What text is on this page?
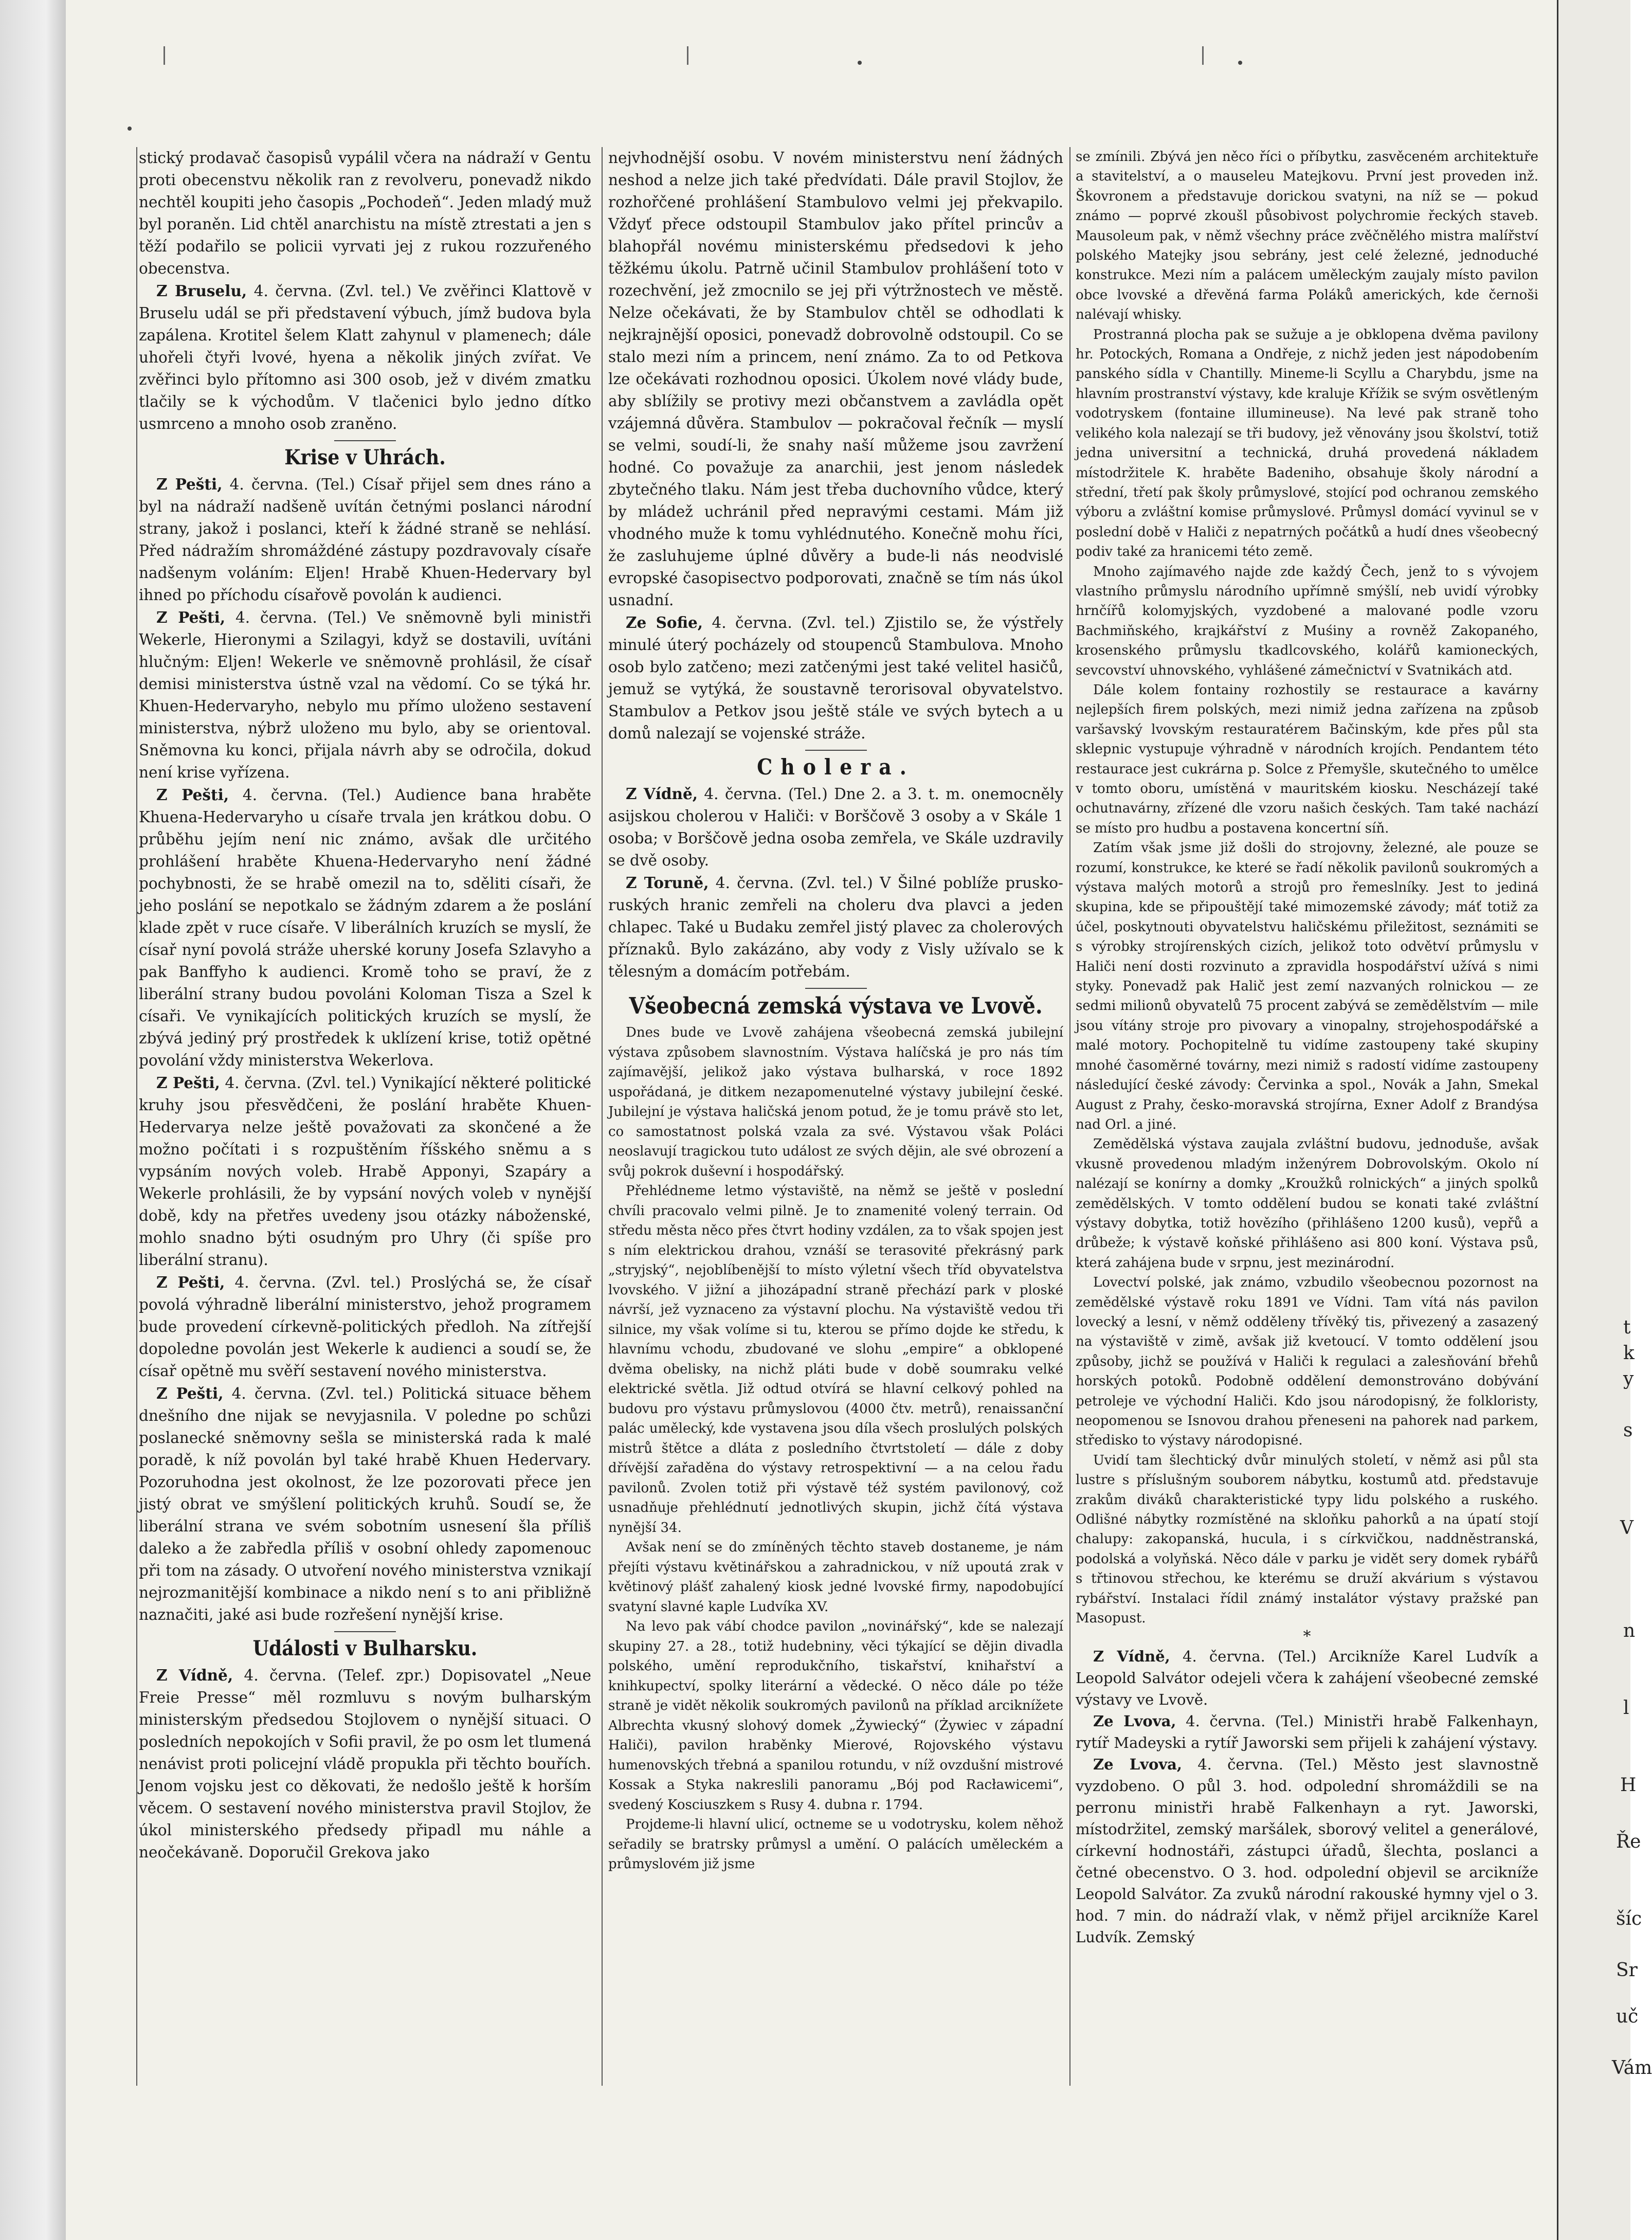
stický prodavač časopisů vypálil včera na nádraží v Gentu proti obecenstvu několik ran z revolveru, ponevadž nikdo nechtěl koupiti jeho časopis „Pochodeň“. Jeden mladý muž byl poraněn. Lid chtěl anarchistu na místě ztrestati a jen s těží podařilo se policii vyrvati jej z rukou rozzuřeného obecenstva.

Z Bruselu, 4. června. (Zvl. tel.) Ve zvěřinci Klattově v Bruselu udál se při představení výbuch, jímž budova byla zapálena. Krotitel šelem Klatt zahynul v plamenech; dále uhořeli čtyři lvové, hyena a několik jiných zvířat. Ve zvěřinci bylo přítomno asi 300 osob, jež v divém zmatku tlačily se k východům. V tlačenici bylo jedno dítko usmrceno a mnoho osob zraněno.

Krise v Uhrách.

Z Pešti, 4. června. (Tel.) Císař přijel sem dnes ráno a byl na nádraží nadšeně uvítán četnými poslanci národní strany, jakož i poslanci, kteří k žádné straně se nehlásí. Před nádražím shromáždéné zástupy pozdravovaly císaře nadšenym voláním: Eljen! Hrabě Khuen-Hedervary byl ihned po příchodu císařově povolán k audienci.

Z Pešti, 4. června. (Tel.) Ve sněmovně byli ministři Wekerle, Hieronymi a Szilagyi, když se dostavili, uvítáni hlučným: Eljen! Wekerle ve sněmovně prohlásil, že císař demisi ministerstva ústně vzal na vědomí. Co se týká hr. Khuen-Hedervaryho, nebylo mu přímo uloženo sestavení ministerstva, nýbrž uloženo mu bylo, aby se orientoval. Sněmovna ku konci, přijala návrh aby se odročila, dokud není krise vyřízena.

Z Pešti, 4. června. (Tel.) Audience bana hraběte Khuena-Hedervaryho u císaře trvala jen krátkou dobu. O průběhu jejím není nic známo, avšak dle určitého prohlášení hraběte Khuena-Hedervaryho není žádné pochybnosti, že se hrabě omezil na to, sděliti císaři, že jeho poslání se nepotkalo se žádným zdarem a že poslání klade zpět v ruce císaře. V liberálních kruzích se myslí, že císař nyní povolá stráže uherské koruny Josefa Szlavyho a pak Banffyho k audienci. Kromě toho se praví, že z liberální strany budou povoláni Koloman Tisza a Szel k císaři. Ve vynikajících politických kruzích se myslí, že zbývá jediný prý prostředek k uklízení krise, totiž opětné povolání vždy ministerstva Wekerlova.

Z Pešti, 4. června. (Zvl. tel.) Vynikající některé politické kruhy jsou přesvědčeni, že poslání hraběte Khuen-Hedervarya nelze ještě považovati za skončené a že možno počítati i s rozpuštěním říšského sněmu a s vypsáním nových voleb. Hrabě Apponyi, Szapáry a Wekerle prohlásili, že by vypsání nových voleb v nynější době, kdy na přetřes uvedeny jsou otázky náboženské, mohlo snadno býti osudným pro Uhry (či spíše pro liberální stranu).

Z Pešti, 4. června. (Zvl. tel.) Proslýchá se, že císař povolá výhradně liberální ministerstvo, jehož programem bude provedení církevně-politických předloh. Na zítřejší dopoledne povolán jest Wekerle k audienci a soudí se, že císař opětně mu svěří sestavení nového ministerstva.

Z Pešti, 4. června. (Zvl. tel.) Politická situace během dnešního dne nijak se nevyjasnila. V poledne po schůzi poslanecké sněmovny sešla se ministerská rada k malé poradě, k níž povolán byl také hrabě Khuen Hedervary. Pozoruhodna jest okolnost, že lze pozorovati přece jen jistý obrat ve smýšlení politických kruhů. Soudí se, že liberální strana ve svém sobotním usnesení šla příliš daleko a že zabředla příliš v osobní ohledy zapomenouc při tom na zásady. O utvoření nového ministerstva vznikají nejrozmanitější kombinace a nikdo není s to ani přibližně naznačiti, jaké asi bude rozřešení nynější krise.

Události v Bulharsku.

Z Vídně, 4. června. (Telef. zpr.) Dopisovatel „Neue Freie Presse“ měl rozmluvu s novým bulharským ministerským předsedou Stojlovem o nynější situaci. O posledních nepokojích v Sofii pravil, že po osm let tlumená nenávist proti policejní vládě propukla při těchto bouřích. Jenom vojsku jest co děkovati, že nedošlo ještě k horším věcem. O sestavení nového ministerstva pravil Stojlov, že úkol ministerského předsedy připadl mu náhle a neočekávaně. Doporučil Grekova jako

nejvhodnější osobu. V novém ministerstvu není žádných neshod a nelze jich také předvídati. Dále pravil Stojlov, že rozhořčené prohlášení Stambulovo velmi jej překvapilo. Vždyť přece odstoupil Stambulov jako přítel princův a blahopřál novému ministerskému předsedovi k jeho těžkému úkolu. Patrně učinil Stambulov prohlášení toto v rozechvění, jež zmocnilo se jej při výtržnostech ve městě. Nelze očekávati, že by Stambulov chtěl se odhodlati k nejkrajnější oposici, ponevadž dobrovolně odstoupil. Co se stalo mezi ním a princem, není známo. Za to od Petkova lze očekávati rozhodnou oposici. Úkolem nové vlády bude, aby sblížily se protivy mezi občanstvem a zavládla opět vzájemná důvěra. Stambulov — pokračoval řečník — myslí se velmi, soudí-li, že snahy naší můžeme jsou zavržení hodné. Co považuje za anarchii, jest jenom následek zbytečného tlaku. Nám jest třeba duchovního vůdce, který by mládež uchránil před nepravými cestami. Mám již vhodného muže k tomu vyhlédnutého. Konečně mohu říci, že zasluhujeme úplné důvěry a bude-li nás neodvislé evropské časopisectvo podporovati, značně se tím nás úkol usnadní.

Ze Sofie, 4. června. (Zvl. tel.) Zjistilo se, že výstřely minulé úterý pocházely od stoupenců Stambulova. Mnoho osob bylo zatčeno; mezi zatčenými jest také velitel hasičů, jemuž se vytýká, že soustavně terorisoval obyvatelstvo. Stambulov a Petkov jsou ještě stále ve svých bytech a u domů nalezají se vojenské stráže.

Cholera.

Z Vídně, 4. června. (Tel.) Dne 2. a 3. t. m. onemocněly asijskou cholerou v Haliči: v Borščově 3 osoby a v Skále 1 osoba; v Borščově jedna osoba zemřela, ve Skále uzdravily se dvě osoby.

Z Toruně, 4. června. (Zvl. tel.) V Šilné poblíže prusko-ruských hranic zemřeli na choleru dva plavci a jeden chlapec. Také u Budaku zemřel jistý plavec za cholerových příznaků. Bylo zakázáno, aby vody z Visly užívalo se k tělesným a domácím potřebám.

Všeobecná zemská výstava ve Lvově.

Dnes bude ve Lvově zahájena všeobecná zemská jubilejní výstava způsobem slavnostním. Výstava halíčská je pro nás tím zajímavější, jelikož jako výstava bulharská, v roce 1892 uspořádaná, je ditkem nezapomenutelné výstavy jubilejní české. Jubilejní je výstava haličská jenom potud, že je tomu právě sto let, co samostatnost polská vzala za své. Výstavou však Poláci neoslavují tragickou tuto událost ze svých dějin, ale své obrození a svůj pokrok duševní i hospodářský.

Přehlédneme letmo výstaviště, na němž se ještě v poslední chvíli pracovalo velmi pilně. Je to znamenité volený terrain. Od středu města něco přes čtvrt hodiny vzdálen, za to však spojen jest s ním elektrickou drahou, vznáší se terasovité překrásný park „stryjský“, nejoblíbenější to místo výletní všech tříd obyvatelstva lvovského. V jižní a jihozápadní straně přechází park v ploské návrší, jež vyznaceno za výstavní plochu. Na výstaviště vedou tři silnice, my však volíme si tu, kterou se přímo dojde ke středu, k hlavnímu vchodu, zbudované ve slohu „empire“ a obklopené dvěma obelisky, na nichž pláti bude v době soumraku velké elektrické světla. Již odtud otvírá se hlavní celkový pohled na budovu pro výstavu průmyslovou (4000 čtv. metrů), renaissanční palác umělecký, kde vystavena jsou díla všech proslulých polských mistrů štětce a dláta z posledního čtvrtstoletí — dále z doby dřívější zařaděna do výstavy retrospektivní — a na celou řadu pavilonů. Zvolen totiž při výstavě též systém pavilonový, což usnadňuje přehlédnutí jednotlivých skupin, jichž čítá výstava nynější 34.

Avšak není se do zmíněných těchto staveb dostaneme, je nám přejíti výstavu květinářskou a zahradnickou, v níž upoutá zrak v květinový plášť zahalený kiosk jedné lvovské firmy, napodobující svatyní slavné kaple Ludvíka XV.

Na levo pak vábí chodce pavilon „novinářský“, kde se nalezají skupiny 27. a 28., totiž hudebniny, věci týkající se dějin divadla polského, umění reprodukčního, tiskařství, knihařství a knihkupectví, spolky literární a vědecké. O něco dále po téže straně je vidět několik soukromých pavilonů na příklad arciknížete Albrechta vkusný slohový domek „Żywiecký“ (Żywiec v západní Haliči), pavilon hraběnky Mierové, Rojovského výstavu humenovských třebná a spanilou rotundu, v níž ovzdušní mistrové Kossak a Styka nakreslili panoramu „Bój pod Racławicemi“, svedený Kosciuszkem s Rusy 4. dubna r. 1794.

Projdeme-li hlavní ulicí, octneme se u vodotrysku, kolem něhož seřadily se bratrsky průmysl a umění. O palácích uměleckém a průmyslovém již jsme

se zmínili. Zbývá jen něco říci o příbytku, zasvěceném architektuře a stavitelství, a o mauseleu Matejkovu. První jest proveden inž. Škovronem a představuje dorickou svatyni, na níž se — pokud známo — poprvé zkoušl působivost polychromie řeckých staveb. Mausoleum pak, v němž všechny práce zvěčnělého mistra malířství polského Matejky jsou sebrány, jest celé železné, jednoduché konstrukce. Mezi ním a palácem uměleckým zaujaly místo pavilon obce lvovské a dřevěná farma Poláků amerických, kde černoši nalévají whisky.

Prostranná plocha pak se sužuje a je obklopena dvěma pavilony hr. Potockých, Romana a Ondřeje, z nichž jeden jest nápodobením panského sídla v Chantilly. Mineme-li Scyllu a Charybdu, jsme na hlavním prostranství výstavy, kde kraluje Křížik se svým osvětleným vodotryskem (fontaine illumineuse). Na levé pak straně toho velikého kola nalezají se tři budovy, jež věnovány jsou školství, totiž jedna universitní a technická, druhá provedená nákladem místodržitele K. hraběte Badeniho, obsahuje školy národní a střední, třetí pak školy průmyslové, stojící pod ochranou zemského výboru a zvláštní komise průmyslové. Průmysl domácí vyvinul se v poslední době v Haliči z nepatrných počátků a hudí dnes všeobecný podiv také za hranicemi této země.

Mnoho zajímavého najde zde každý Čech, jenž to s vývojem vlastního průmyslu národního upřímně smýšlí, neb uvidí výrobky hrnčířů kolomyjských, vyzdobené a malované podle vzoru Bachmiňského, krajkářství z Muśiny a rovněž Zakopaného, krosenského průmyslu tkadlcovského, kolářů kamioneckých, sevcovství uhnovského, vyhlášené zámečnictví v Svatnikách atd.

Dále kolem fontainy rozhostily se restaurace a kavárny nejlepších firem polských, mezi nimiž jedna zařízena na způsob varšavský lvovským restauratérem Bačinským, kde přes půl sta sklepnic vystupuje výhradně v národních krojích. Pendantem této restaurace jest cukrárna p. Solce z Přemyšle, skutečného to umělce v tomto oboru, umístěná v mauritském kiosku. Nescházejí také ochutnavárny, zřízené dle vzoru našich českých. Tam také nachází se místo pro hudbu a postavena koncertní síň.

Zatím však jsme již došli do strojovny, železné, ale pouze se rozumí, konstrukce, ke které se řadí několik pavilonů soukromých a výstava malých motorů a strojů pro řemeslníky. Jest to jediná skupina, kde se připouštějí také mimozemské závody; máť totiž za účel, poskytnouti obyvatelstvu haličskému přiležitost, seznámiti se s výrobky strojírenských cizích, jelikož toto odvětví průmyslu v Haliči není dosti rozvinuto a zpravidla hospodářství užívá s nimi styky. Ponevadž pak Halič jest zemí nazvaných rolnickou — ze sedmi milionů obyvatelů 75 procent zabývá se zemědělstvím — mile jsou vítány stroje pro pivovary a vinopalny, strojehospodářské a malé motory. Pochopitelně tu vidíme zastoupeny také skupiny mnohé časoměrné továrny, mezi nimiž s radostí vidíme zastoupeny následující české závody: Červinka a spol., Novák a Jahn, Smekal August z Prahy, česko-moravská strojírna, Exner Adolf z Brandýsa nad Orl. a jiné.

Zemědělská výstava zaujala zvláštní budovu, jednoduše, avšak vkusně provedenou mladým inženýrem Dobrovolským. Okolo ní nalézají se konírny a domky „Kroužků rolnických“ a jiných spolků zemědělských. V tomto oddělení budou se konati také zvláštní výstavy dobytka, totiž hovězího (přihlášeno 1200 kusů), vepřů a drůbeže; k výstavě koňské přihlášeno asi 800 koní. Výstava psů, která zahájena bude v srpnu, jest mezinárodní.

Lovectví polské, jak známo, vzbudilo všeobecnou pozornost na zemědělské výstavě roku 1891 ve Vídni. Tam vítá nás pavilon lovecký a lesní, v němž odděleny třívěký tis, přivezený a zasazený na výstaviště v zimě, avšak již kvetoucí. V tomto oddělení jsou způsoby, jichž se používá v Haliči k regulaci a zalesňování břehů horských potoků. Podobně oddělení demonstrováno dobývání petroleje ve východní Haliči. Kdo jsou národopisný, že folkloristy, neopomenou se Isnovou drahou přeneseni na pahorek nad parkem, středisko to výstavy národopisné.

Uvidí tam šlechtický dvůr minulých století, v němž asi půl sta lustre s příslušným souborem nábytku, kostumů atd. představuje zrakům diváků charakteristické typy lidu polského a ruského. Odlišné nábytky rozmístěné na skloňku pahorků a na úpatí stojí chalupy: zakopanská, hucula, i s církvičkou, naddněstranská, podolská a volyňská. Něco dále v parku je vidět sery domek rybářů s třtinovou střechou, ke kterému se druží akvárium s výstavou rybářství. Instalaci řídil známý instalátor výstavy pražské pan Masopust.

*

Z Vídně, 4. června. (Tel.) Arcikníže Karel Ludvík a Leopold Salvátor odejeli včera k zahájení všeobecné zemské výstavy ve Lvově.

Ze Lvova, 4. června. (Tel.) Ministři hrabě Falkenhayn, rytíř Madeyski a rytíř Jaworski sem přijeli k zahájení výstavy.

Ze Lvova, 4. června. (Tel.) Město jest slavnostně vyzdobeno. O půl 3. hod. odpolední shromáždili se na perronu ministři hrabě Falkenhayn a ryt. Jaworski, místodržitel, zemský maršálek, sborový velitel a generálové, církevní hodnostáři, zástupci úřadů, šlechta, poslanci a četné obecenstvo. O 3. hod. odpolední objevil se arcikníže Leopold Salvátor. Za zvuků národní rakouské hymny vjel o 3. hod. 7 min. do nádraží vlak, v němž přijel arcikníže Karel Ludvík. Zemský

t
k
y
s
V
n
Ře
šíc
Sr
uč
Vám
l
H
